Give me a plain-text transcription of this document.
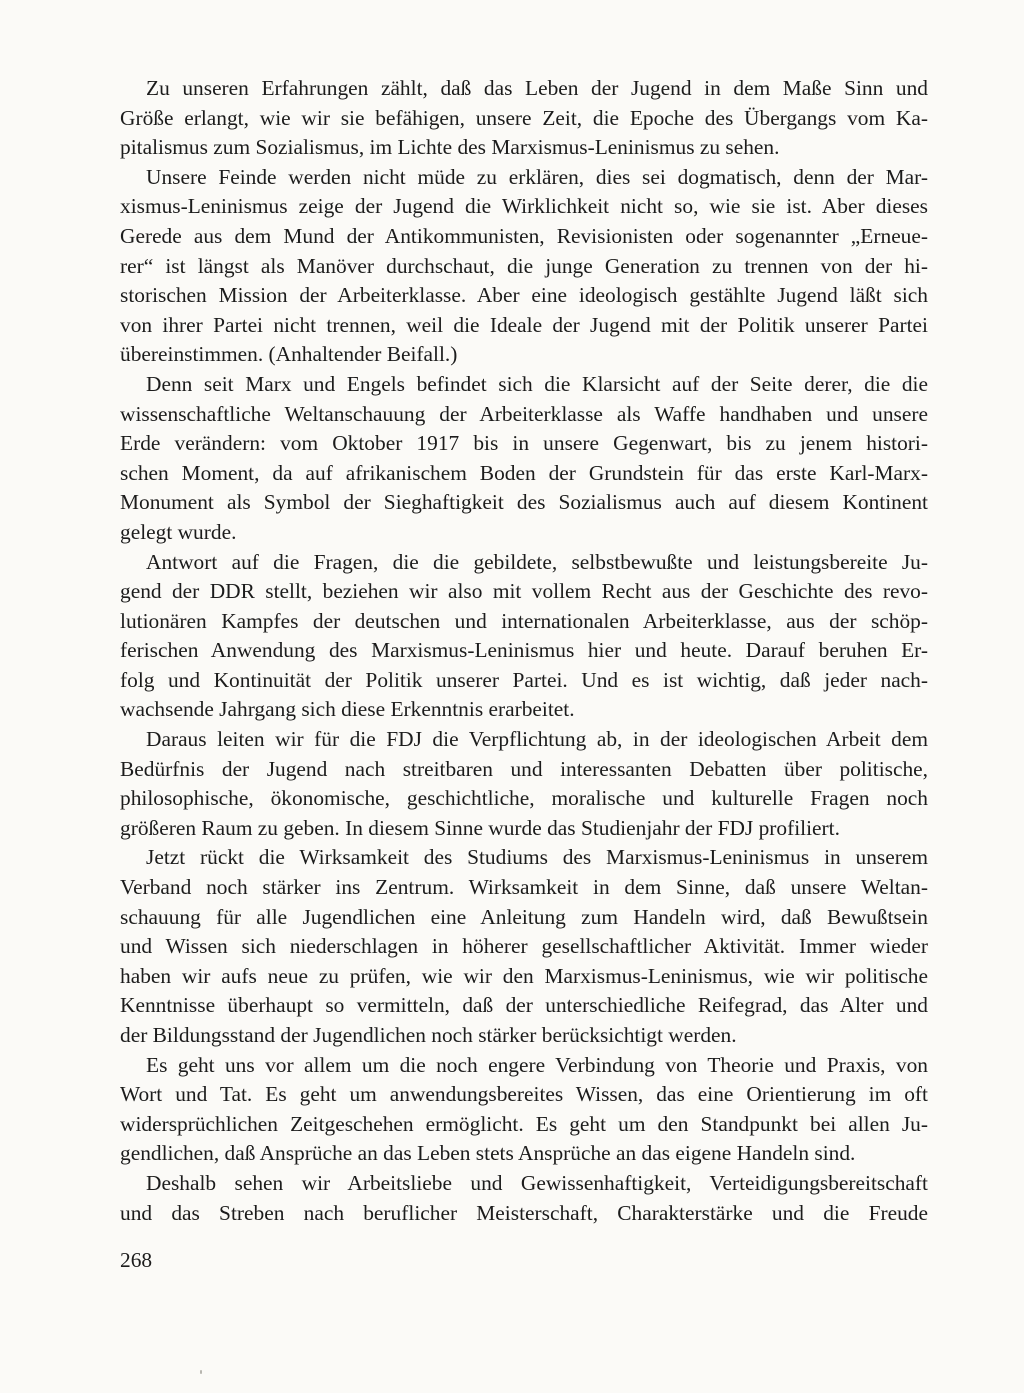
Zu unseren Erfahrungen zählt, daß das Leben der Jugend in dem Maße Sinn und
Größe erlangt, wie wir sie befähigen, unsere Zeit, die Epoche des Übergangs vom Ka-
pitalismus zum Sozialismus, im Lichte des Marxismus-Leninismus zu sehen.
Unsere Feinde werden nicht müde zu erklären, dies sei dogmatisch, denn der Mar-
xismus-Leninismus zeige der Jugend die Wirklichkeit nicht so, wie sie ist. Aber dieses
Gerede aus dem Mund der Antikommunisten, Revisionisten oder sogenannter „Erneue-
rer“ ist längst als Manöver durchschaut, die junge Generation zu trennen von der hi-
storischen Mission der Arbeiterklasse. Aber eine ideologisch gestählte Jugend läßt sich
von ihrer Partei nicht trennen, weil die Ideale der Jugend mit der Politik unserer Partei
übereinstimmen. (Anhaltender Beifall.)
Denn seit Marx und Engels befindet sich die Klarsicht auf der Seite derer, die die
wissenschaftliche Weltanschauung der Arbeiterklasse als Waffe handhaben und unsere
Erde verändern: vom Oktober 1917 bis in unsere Gegenwart, bis zu jenem histori-
schen Moment, da auf afrikanischem Boden der Grundstein für das erste Karl-Marx-
Monument als Symbol der Sieghaftigkeit des Sozialismus auch auf diesem Kontinent
gelegt wurde.
Antwort auf die Fragen, die die gebildete, selbstbewußte und leistungsbereite Ju-
gend der DDR stellt, beziehen wir also mit vollem Recht aus der Geschichte des revo-
lutionären Kampfes der deutschen und internationalen Arbeiterklasse, aus der schöp-
ferischen Anwendung des Marxismus-Leninismus hier und heute. Darauf beruhen Er-
folg und Kontinuität der Politik unserer Partei. Und es ist wichtig, daß jeder nach-
wachsende Jahrgang sich diese Erkenntnis erarbeitet.
Daraus leiten wir für die FDJ die Verpflichtung ab, in der ideologischen Arbeit dem
Bedürfnis der Jugend nach streitbaren und interessanten Debatten über politische,
philosophische, ökonomische, geschichtliche, moralische und kulturelle Fragen noch
größeren Raum zu geben. In diesem Sinne wurde das Studienjahr der FDJ profiliert.
Jetzt rückt die Wirksamkeit des Studiums des Marxismus-Leninismus in unserem
Verband noch stärker ins Zentrum. Wirksamkeit in dem Sinne, daß unsere Weltan-
schauung für alle Jugendlichen eine Anleitung zum Handeln wird, daß Bewußtsein
und Wissen sich niederschlagen in höherer gesellschaftlicher Aktivität. Immer wieder
haben wir aufs neue zu prüfen, wie wir den Marxismus-Leninismus, wie wir politische
Kenntnisse überhaupt so vermitteln, daß der unterschiedliche Reifegrad, das Alter und
der Bildungsstand der Jugendlichen noch stärker berücksichtigt werden.
Es geht uns vor allem um die noch engere Verbindung von Theorie und Praxis, von
Wort und Tat. Es geht um anwendungsbereites Wissen, das eine Orientierung im oft
widersprüchlichen Zeitgeschehen ermöglicht. Es geht um den Standpunkt bei allen Ju-
gendlichen, daß Ansprüche an das Leben stets Ansprüche an das eigene Handeln sind.
Deshalb sehen wir Arbeitsliebe und Gewissenhaftigkeit, Verteidigungsbereitschaft
und das Streben nach beruflicher Meisterschaft, Charakterstärke und die Freude
268
